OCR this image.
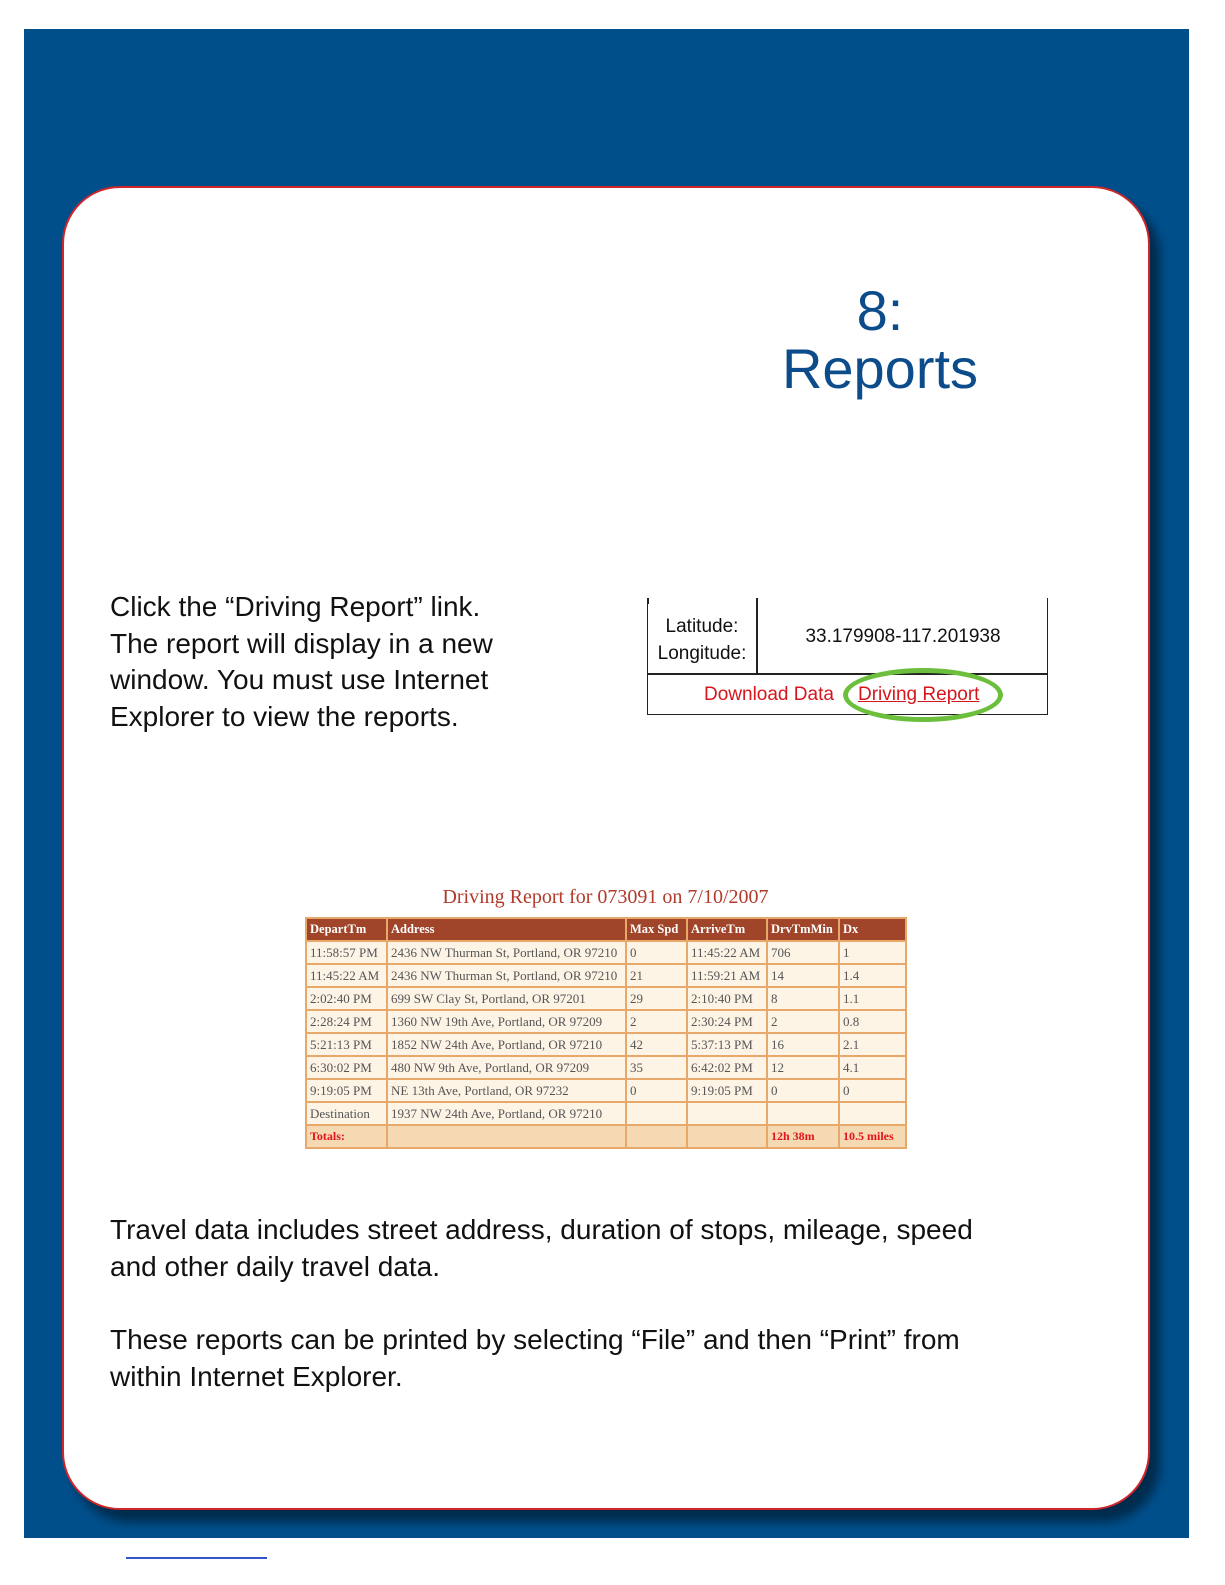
8:
Reports
Click the “Driving Report” link.
The report will display in a new
window. You must use Internet
Explorer to view the reports.
Latitude:
Longitude:
33.179908-117.201938
Download Data Driving Report
Driving Report for 073091 on 7/10/2007
DepartTm	Address	Max Spd	ArriveTm	DrvTmMin	Dx
11:58:57 PM	2436 NW Thurman St, Portland, OR 97210	0	11:45:22 AM	706	1
11:45:22 AM	2436 NW Thurman St, Portland, OR 97210	21	11:59:21 AM	14	1.4
2:02:40 PM	699 SW Clay St, Portland, OR 97201	29	2:10:40 PM	8	1.1
2:28:24 PM	1360 NW 19th Ave, Portland, OR 97209	2	2:30:24 PM	2	0.8
5:21:13 PM	1852 NW 24th Ave, Portland, OR 97210	42	5:37:13 PM	16	2.1
6:30:02 PM	480 NW 9th Ave, Portland, OR 97209	35	6:42:02 PM	12	4.1
9:19:05 PM	NE 13th Ave, Portland, OR 97232	0	9:19:05 PM	0	0
Destination	1937 NW 24th Ave, Portland, OR 97210				
Totals:				12h 38m	10.5 miles
Travel data includes street address, duration of stops, mileage, speed
and other daily travel data.
These reports can be printed by selecting “File” and then “Print” from
within Internet Explorer.
